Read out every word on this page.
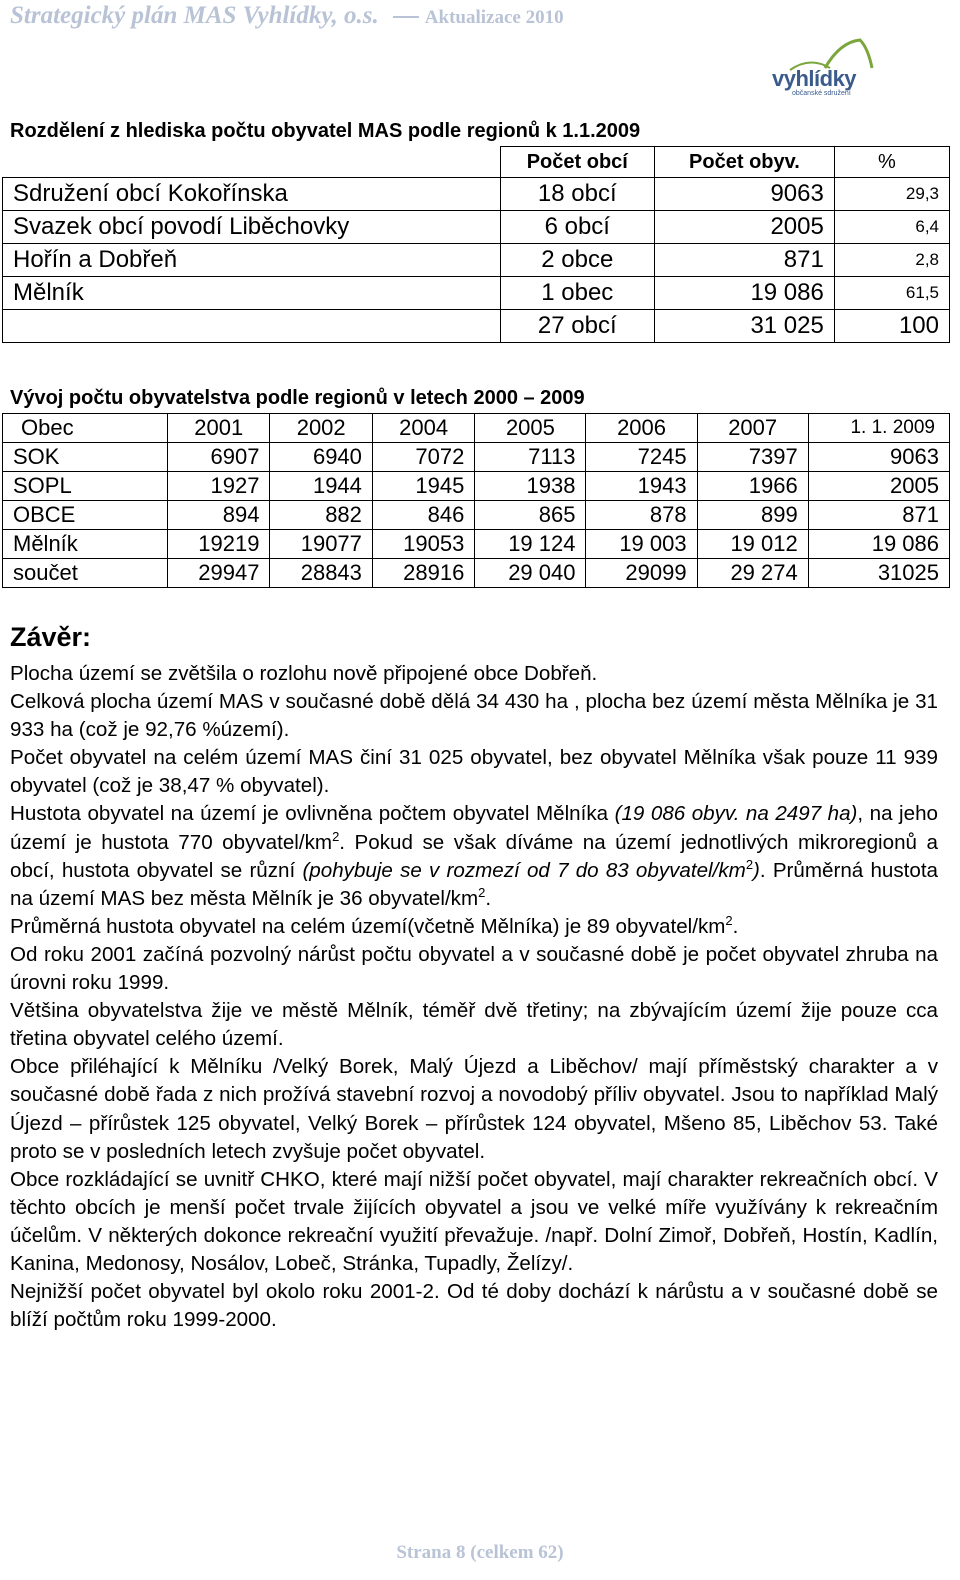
Strategický plán MAS Vyhlídky, o.s. Aktualizace 2010
vyhlídky
občanské sdružení
Rozdělení z hlediska počtu obyvatel MAS podle regionů k 1.1.2009
	Počet obcí	Počet obyv.	%
Sdružení obcí Kokořínska	18 obcí	9063	29,3
Svazek obcí povodí Liběchovky	6 obcí	2005	6,4
Hořín a Dobřeň	2 obce	871	2,8
Mělník	1 obec	19 086	61,5
	27 obcí	31 025	100
Vývoj počtu obyvatelstva podle regionů v letech 2000 – 2009
Obec	2001	2002	2004	2005	2006	2007	1. 1. 2009
SOK	6907	6940	7072	7113	7245	7397	9063
SOPL	1927	1944	1945	1938	1943	1966	2005
OBCE	894	882	846	865	878	899	871
Mělník	19219	19077	19053	19 124	19 003	19 012	19 086
součet	29947	28843	28916	29 040	29099	29 274	31025
Závěr:

Plocha území se zvětšila o rozlohu nově připojené obce Dobřeň.

Celková plocha území MAS v současné době dělá 34 430 ha , plocha bez území města Mělníka je 31 933 ha (což je 92,76 %území).

Počet obyvatel na celém území MAS činí 31 025 obyvatel, bez obyvatel Mělníka však pouze 11 939 obyvatel (což je 38,47 % obyvatel).

Hustota obyvatel na území je ovlivněna počtem obyvatel Mělníka (19 086 obyv. na 2497 ha), na jeho území je hustota 770 obyvatel/$km^2$. Pokud se však díváme na území jednotlivých mikroregionů a obcí, hustota obyvatel se různí (pohybuje se v rozmezí od 7 do 83 obyvatel/$km^2$). Průměrná hustota na území MAS bez města Mělník je 36 obyvatel/$km^2$.

Průměrná hustota obyvatel na celém území(včetně Mělníka) je 89 obyvatel/$km^2$.

Od roku 2001 začíná pozvolný nárůst počtu obyvatel a v současné době je počet obyvatel zhruba na úrovni roku 1999.

Většina obyvatelstva žije ve městě Mělník, téměř dvě třetiny; na zbývajícím území žije pouze cca třetina obyvatel celého území.

Obce přiléhající k Mělníku /Velký Borek, Malý Újezd a Liběchov/ mají příměstský charakter a v současné době řada z nich prožívá stavební rozvoj a novodobý příliv obyvatel. Jsou to například Malý Újezd – přírůstek 125 obyvatel, Velký Borek – přírůstek 124 obyvatel, Mšeno 85, Liběchov 53. Také proto se v posledních letech zvyšuje počet obyvatel.

Obce rozkládající se uvnitř CHKO, které mají nižší počet obyvatel, mají charakter rekreačních obcí. V těchto obcích je menší počet trvale žijících obyvatel a jsou ve velké míře využívány k rekreačním účelům. V některých dokonce rekreační využití převažuje. /např. Dolní Zimoř, Dobřeň, Hostín, Kadlín, Kanina, Medonosy, Nosálov, Lobeč, Stránka, Tupadly, Želízy/.

Nejnižší počet obyvatel byl okolo roku 2001-2. Od té doby dochází k nárůstu a v současné době se blíží počtům roku 1999-2000.

Strana 8 (celkem 62)
